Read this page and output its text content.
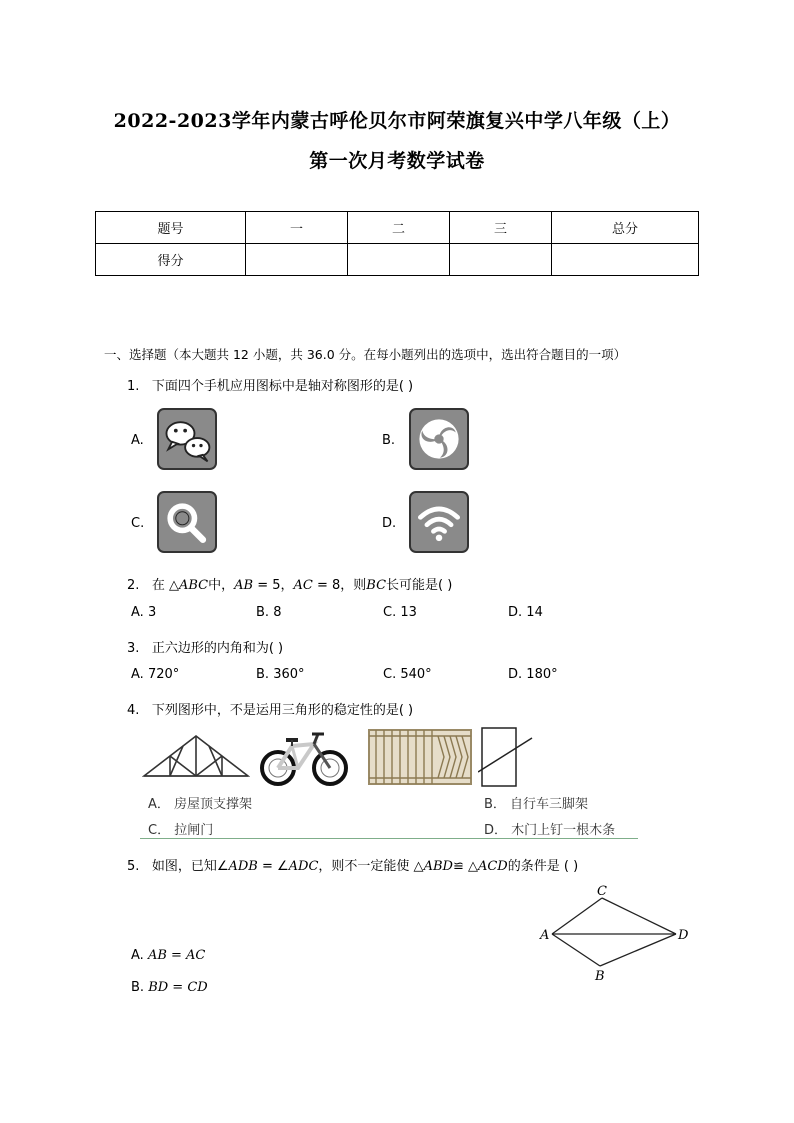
2022-2023学年内蒙古呼伦贝尔市阿荣旗复兴中学八年级（上）
第一次月考数学试卷
题号	一	二	三	总分
得分				
一、选择题（本大题共 12 小题，共 36.0 分。在每小题列出的选项中，选出符合题目的一项）
1. 下面四个手机应用图标中是轴对称图形的是( )
A.	B.
C.	D.
2. 在 △ABC中，AB = 5，AC = 8，则BC长可能是( )
A. 3	B. 8	C. 13	D. 14
3. 正六边形的内角和为( )
A. 720°	B. 360°	C. 540°	D. 180°
4. 下列图形中，不是运用三角形的稳定性的是( )
A． 房屋顶支撑架	B． 自行车三脚架
C． 拉闸门	D． 木门上钉一根木条
5. 如图，已知∠ADB = ∠ADC，则不一定能使 △ABD≌ △ACD的条件是 ( )
C
A	D
B
A. AB = AC
B. BD = CD
